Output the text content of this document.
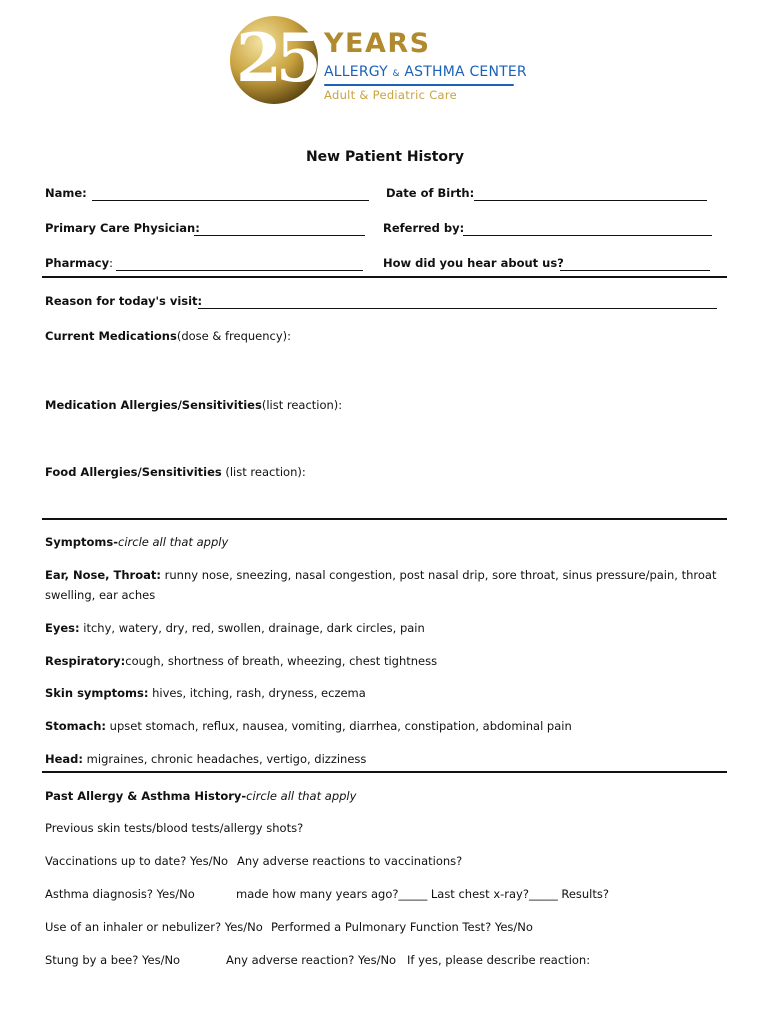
25 YEARS
ALLERGY & ASTHMA CENTER
Adult & Pediatric Care
New Patient History
Name:	Date of Birth:
Primary Care Physician:	Referred by:
Pharmacy:	How did you hear about us?
Reason for today's visit:
Current Medications(dose & frequency):
Medication Allergies/Sensitivities(list reaction):
Food Allergies/Sensitivities (list reaction):
Symptoms-circle all that apply
Ear, Nose, Throat: runny nose, sneezing, nasal congestion, post nasal drip, sore throat, sinus pressure/pain, throat
swelling, ear aches
Eyes: itchy, watery, dry, red, swollen, drainage, dark circles, pain
Respiratory:cough, shortness of breath, wheezing, chest tightness
Skin symptoms: hives, itching, rash, dryness, eczema
Stomach: upset stomach, reflux, nausea, vomiting, diarrhea, constipation, abdominal pain
Head: migraines, chronic headaches, vertigo, dizziness
Past Allergy & Asthma History-circle all that apply
Previous skin tests/blood tests/allergy shots?
Vaccinations up to date? Yes/No Any adverse reactions to vaccinations?
Asthma diagnosis? Yes/No	made how many years ago?_____ Last chest x-ray?_____ Results?
Use of an inhaler or nebulizer? Yes/No Performed a Pulmonary Function Test? Yes/No
Stung by a bee? Yes/No	Any adverse reaction? Yes/No If yes, please describe reaction:
